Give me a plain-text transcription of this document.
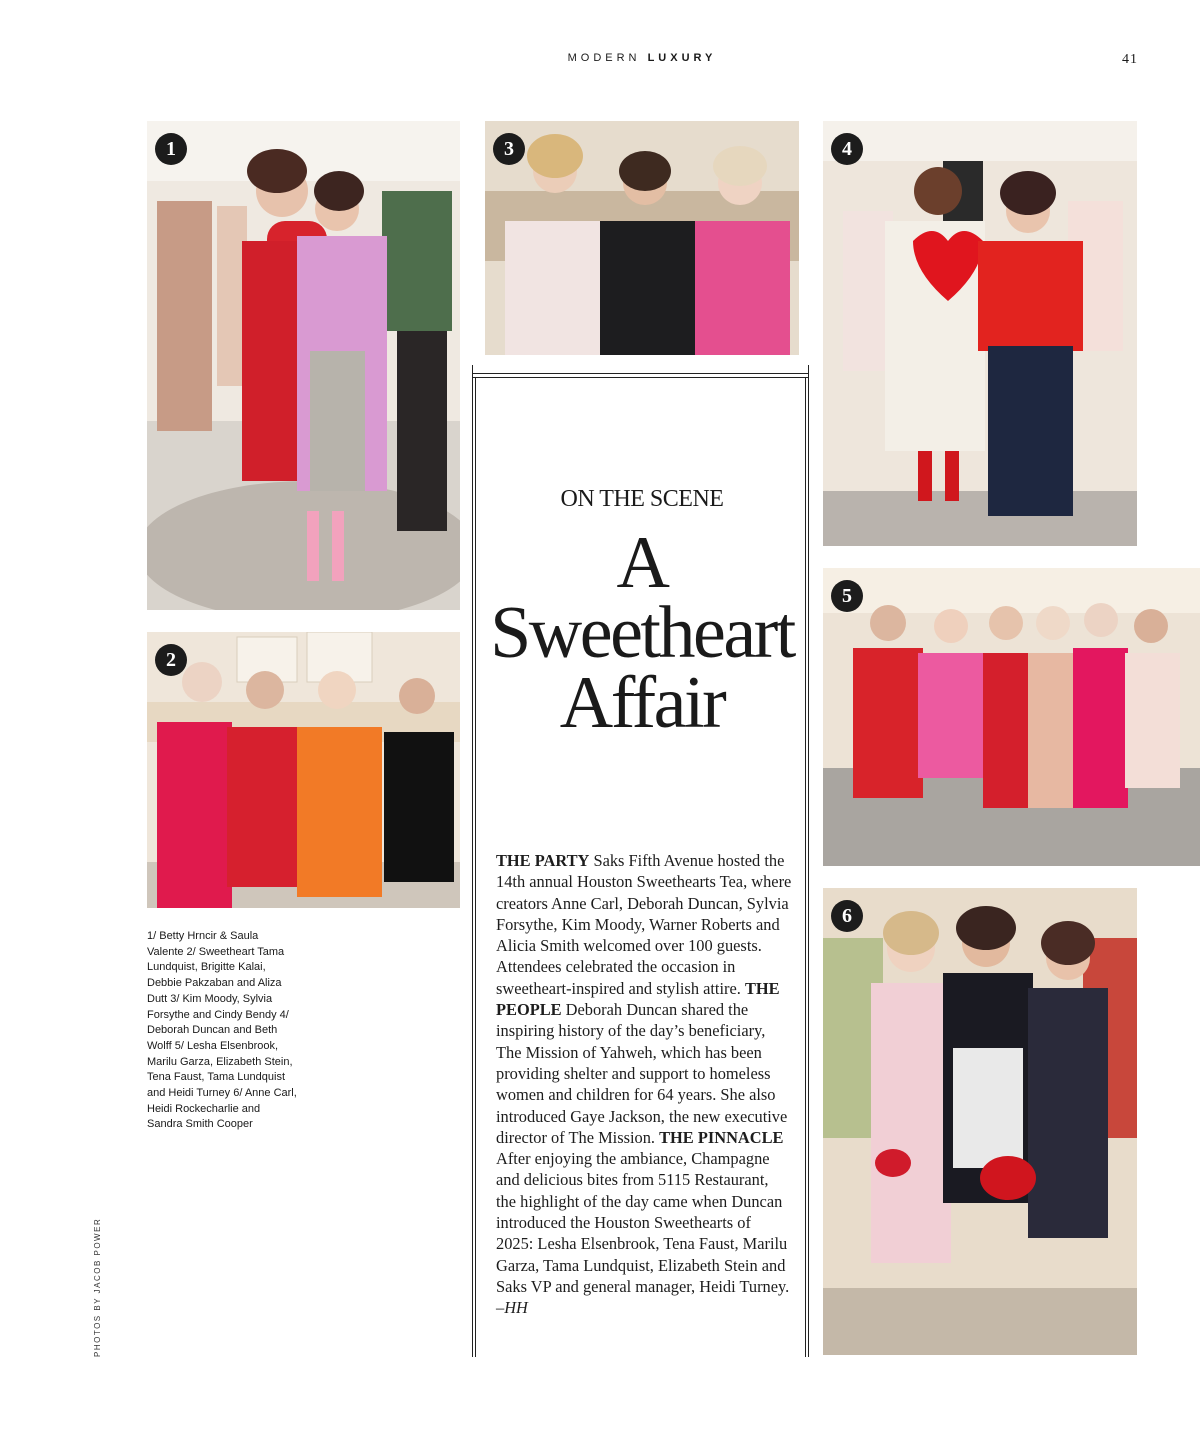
MODERN LUXURY	41
1
2
3	4
5
6
ON THE SCENE
A
Sweetheart
Affair
THE PARTY Saks Fifth Avenue hosted the 14th annual Houston Sweethearts Tea, where creators Anne Carl, Deborah Duncan, Sylvia Forsythe, Kim Moody, Warner Roberts and Alicia Smith welcomed over 100 guests. Attendees celebrated the occasion in sweetheart-inspired and stylish attire. THE PEOPLE Deborah Duncan shared the inspiring history of the day’s beneficiary, The Mission of Yahweh, which has been providing shelter and support to homeless women and children for 64 years. She also introduced Gaye Jackson, the new executive director of The Mission. THE PINNACLE After enjoying the ambiance, Champagne and delicious bites from 5115 Restaurant, the highlight of the day came when Duncan introduced the Houston Sweethearts of 2025: Lesha Elsenbrook, Tena Faust, Marilu Garza, Tama Lundquist, Elizabeth Stein and Saks VP and general manager, Heidi Turney. –HH
1/ Betty Hrncir & Saula Valente 2/ Sweetheart Tama Lundquist, Brigitte Kalai, Debbie Pakzaban and Aliza Dutt 3/ Kim Moody, Sylvia Forsythe and Cindy Bendy 4/ Deborah Duncan and Beth Wolff 5/ Lesha Elsenbrook, Marilu Garza, Elizabeth Stein, Tena Faust, Tama Lundquist and Heidi Turney 6/ Anne Carl, Heidi Rockecharlie and Sandra Smith Cooper
PHOTOS BY JACOB POWER
